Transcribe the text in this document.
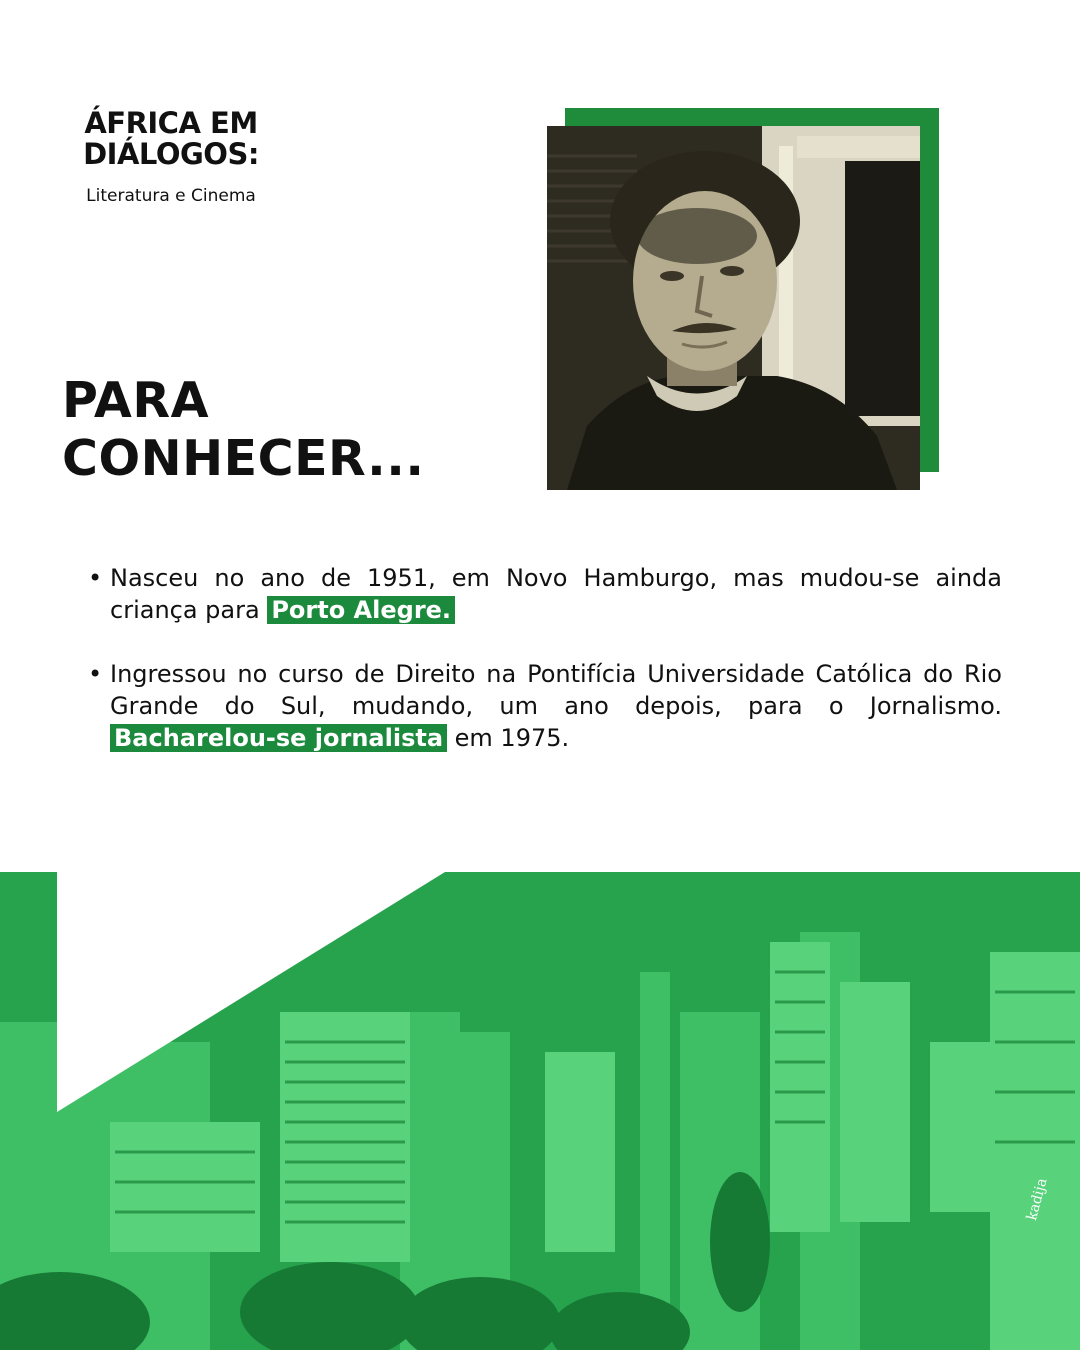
ÁFRICA EM
DIÁLOGOS:
Literatura e Cinema
PARA
CONHECER...
• Nasceu no ano de 1951, em Novo Hamburgo, mas mudou-se ainda criança para Porto Alegre.
• Ingressou no curso de Direito na Pontifícia Universidade Católica do Rio Grande do Sul, mudando, um ano depois, para o Jornalismo. Bacharelou-se jornalista em 1975.
kadija
